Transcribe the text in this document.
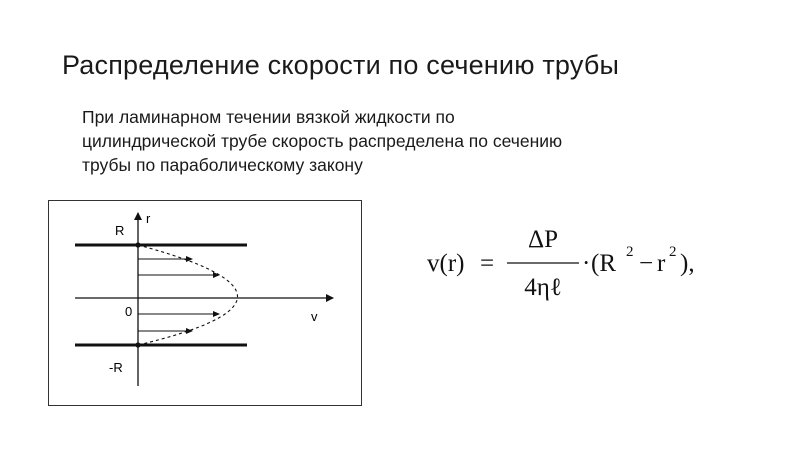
Распределение скорости по сечению трубы
При ламинарном течении вязкой жидкости по
цилиндрической трубе скорость распределена по сечению
трубы по параболическому закону
r
R
0
-R
v
v(r) =
ΔP
4ηℓ
· (R 2 − r 2 ),
